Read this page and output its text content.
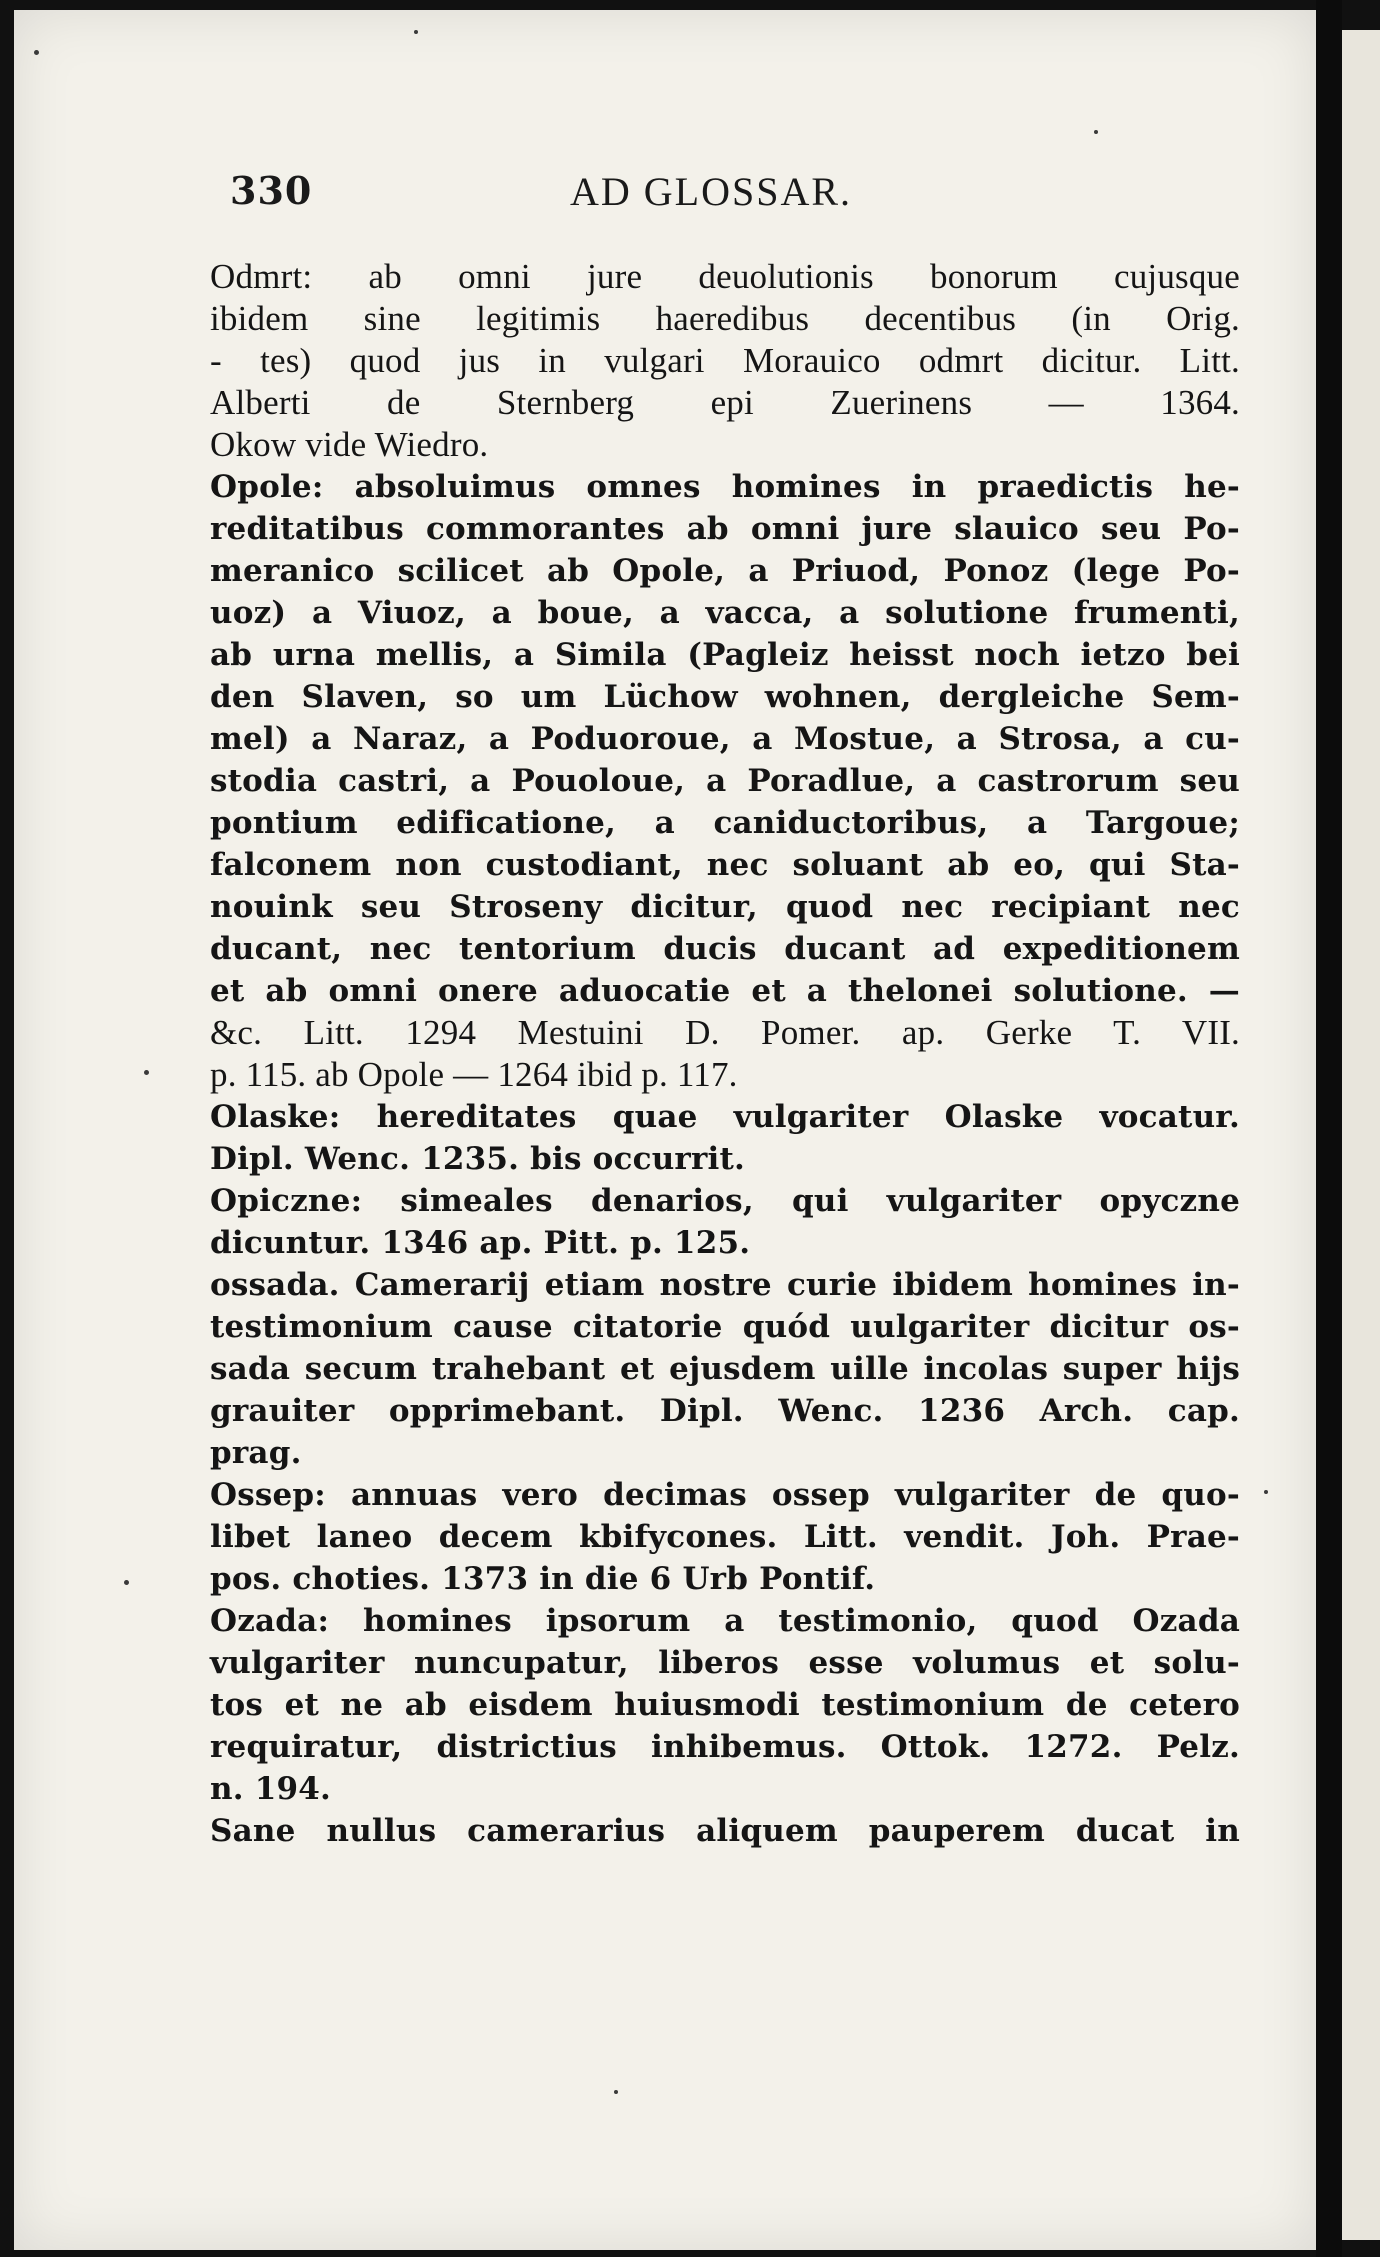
330	AD GLOSSAR.
Odmrt: ab omni jure deuolutionis bonorum cujusque
ibidem sine legitimis haeredibus decentibus (in Orig.
- tes) quod jus in vulgari Morauico odmrt dicitur. Litt.
Alberti de Sternberg epi Zuerinens — 1364.
Okow vide Wiedro.
Opole: absoluimus omnes homines in praedictis he-
reditatibus commorantes ab omni jure slauico seu Po-
meranico scilicet ab Opole, a Priuod, Ponoz (lege Po-
uoz) a Viuoz, a boue, a vacca, a solutione frumenti,
ab urna mellis, a Simila (Pagleiz heisst noch ietzo bei
den Slaven, so um Lüchow wohnen, dergleiche Sem-
mel) a Naraz, a Poduoroue, a Mostue, a Strosa, a cu-
stodia castri, a Pouoloue, a Poradlue, a castrorum seu
pontium edificatione, a caniductoribus, a Targoue;
falconem non custodiant, nec soluant ab eo, qui Sta-
nouink seu Stroseny dicitur, quod nec recipiant nec
ducant, nec tentorium ducis ducant ad expeditionem
et ab omni onere aduocatie et a thelonei solutione. —
&c. Litt. 1294 Mestuini D. Pomer. ap. Gerke T. VII.
p. 115. ab Opole — 1264 ibid p. 117.
Olaske: hereditates quae vulgariter Olaske vocatur.
Dipl. Wenc. 1235. bis occurrit.
Opiczne: simeales denarios, qui vulgariter opyczne
dicuntur. 1346 ap. Pitt. p. 125.
ossada. Camerarij etiam nostre curie ibidem homines in-
testimonium cause citatorie quód uulgariter dicitur os-
sada secum trahebant et ejusdem uille incolas super hijs
grauiter opprimebant. Dipl. Wenc. 1236 Arch. cap.
prag.
Ossep: annuas vero decimas ossep vulgariter de quo-
libet laneo decem kbifycones. Litt. vendit. Joh. Prae-
pos. choties. 1373 in die 6 Urb Pontif.
Ozada: homines ipsorum a testimonio, quod Ozada
vulgariter nuncupatur, liberos esse volumus et solu-
tos et ne ab eisdem huiusmodi testimonium de cetero
requiratur, districtius inhibemus. Ottok. 1272. Pelz.
n. 194.
Sane nullus camerarius aliquem pauperem ducat in
